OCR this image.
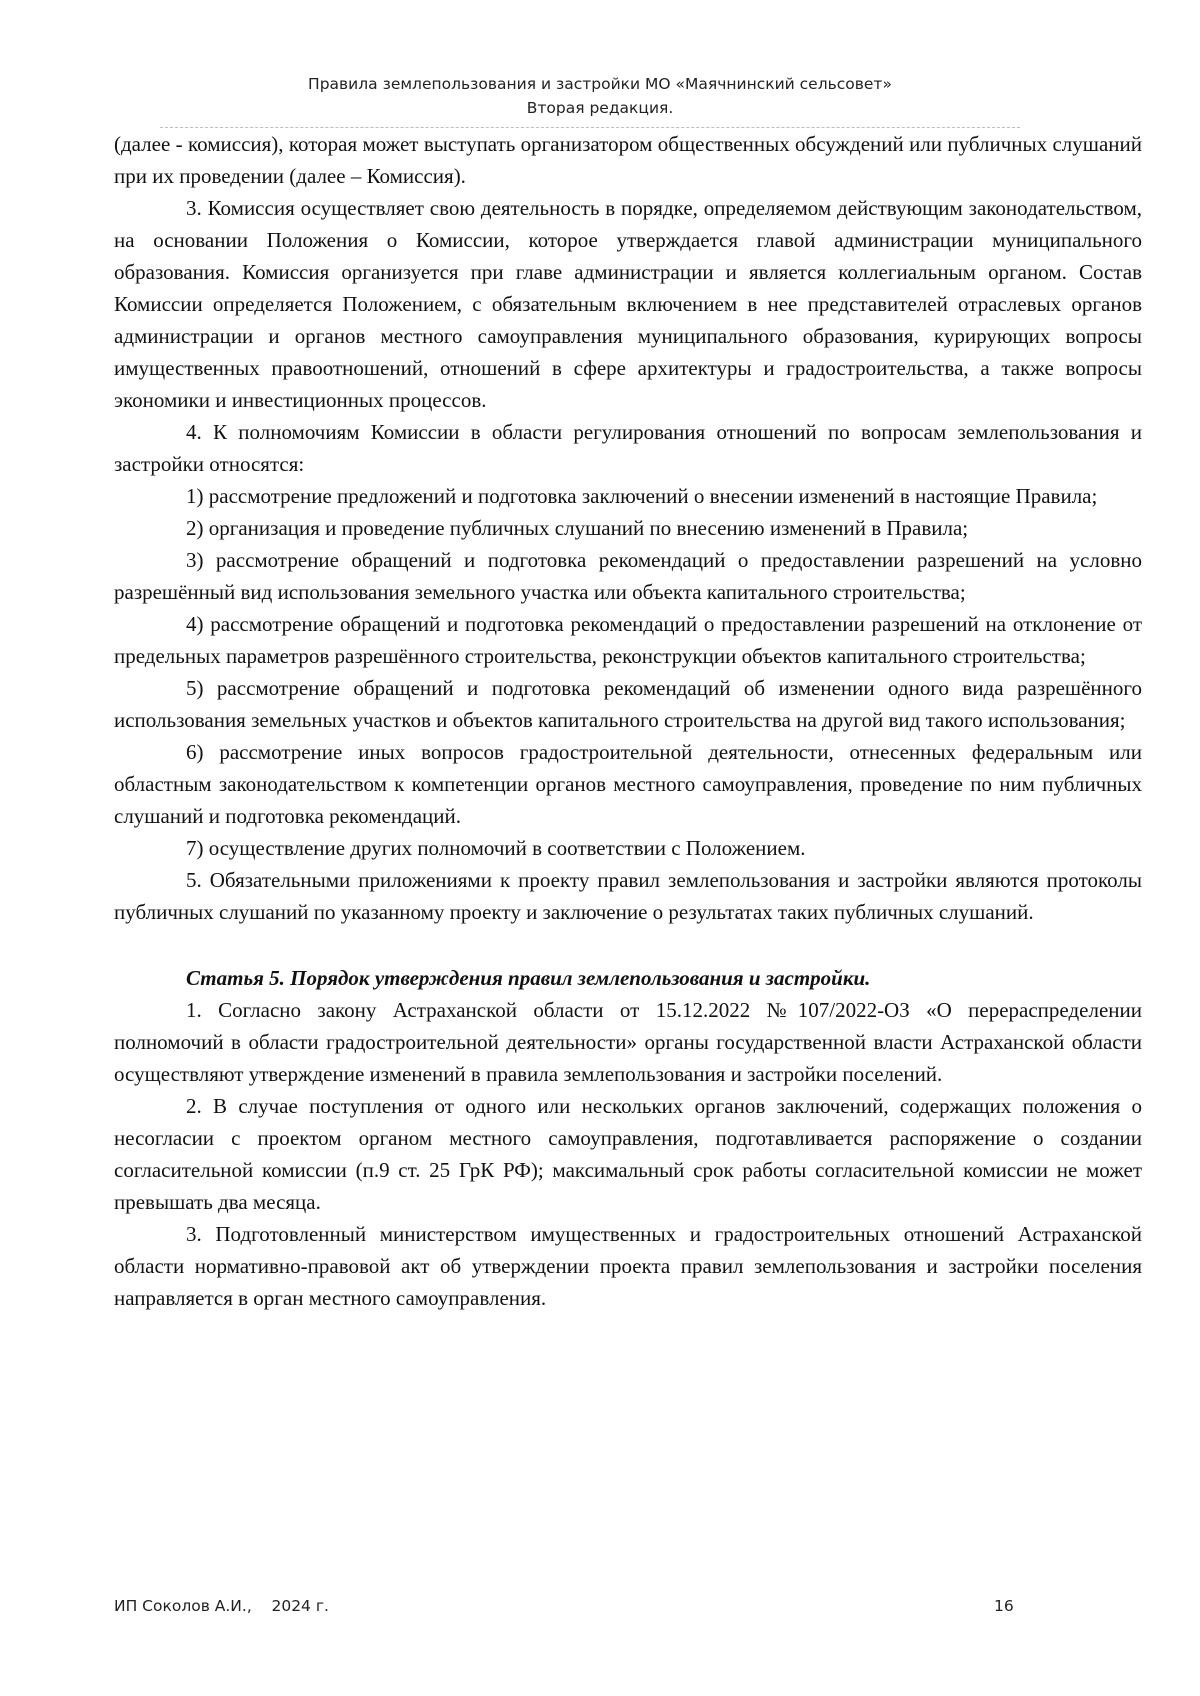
Правила землепользования и застройки МО «Маячнинский сельсовет»
Вторая редакция.

(далее - комиссия), которая может выступать организатором общественных обсуждений или публичных слушаний при их проведении (далее – Комиссия).

3. Комиссия осуществляет свою деятельность в порядке, определяемом действующим законодательством, на основании Положения о Комиссии, которое утверждается главой администрации муниципального образования. Комиссия организуется при главе администрации и является коллегиальным органом. Состав Комиссии определяется Положением, с обязательным включением в нее представителей отраслевых органов администрации и органов местного самоуправления муниципального образования, курирующих вопросы имущественных правоотношений, отношений в сфере архитектуры и градостроительства, а также вопросы экономики и инвестиционных процессов.

4. К полномочиям Комиссии в области регулирования отношений по вопросам землепользования и застройки относятся:

1) рассмотрение предложений и подготовка заключений о внесении изменений в настоящие Правила;

2) организация и проведение публичных слушаний по внесению изменений в Правила;

3) рассмотрение обращений и подготовка рекомендаций о предоставлении разрешений на условно разрешённый вид использования земельного участка или объекта капитального строительства;

4) рассмотрение обращений и подготовка рекомендаций о предоставлении разрешений на отклонение от предельных параметров разрешённого строительства, реконструкции объектов капитального строительства;

5) рассмотрение обращений и подготовка рекомендаций об изменении одного вида разрешённого использования земельных участков и объектов капитального строительства на другой вид такого использования;

6) рассмотрение иных вопросов градостроительной деятельности, отнесенных федеральным или областным законодательством к компетенции органов местного самоуправления, проведение по ним публичных слушаний и подготовка рекомендаций.

7) осуществление других полномочий в соответствии с Положением.

5. Обязательными приложениями к проекту правил землепользования и застройки являются протоколы публичных слушаний по указанному проекту и заключение о результатах таких публичных слушаний.

Статья 5. Порядок утверждения правил землепользования и застройки.

1. Согласно закону Астраханской области от 15.12.2022 №107/2022-ОЗ «О перераспределении полномочий в области градостроительной деятельности» органы государственной власти Астраханской области осуществляют утверждение изменений в правила землепользования и застройки поселений.

2. В случае поступления от одного или нескольких органов заключений, содержащих положения о несогласии с проектом органом местного самоуправления, подготавливается распоряжение о создании согласительной комиссии (п.9 ст. 25 ГрК РФ); максимальный срок работы согласительной комиссии не может превышать два месяца.

3. Подготовленный министерством имущественных и градостроительных отношений Астраханской области нормативно-правовой акт об утверждении проекта правил землепользования и застройки поселения направляется в орган местного самоуправления.

ИП Соколов А.И.,    2024 г.	16
